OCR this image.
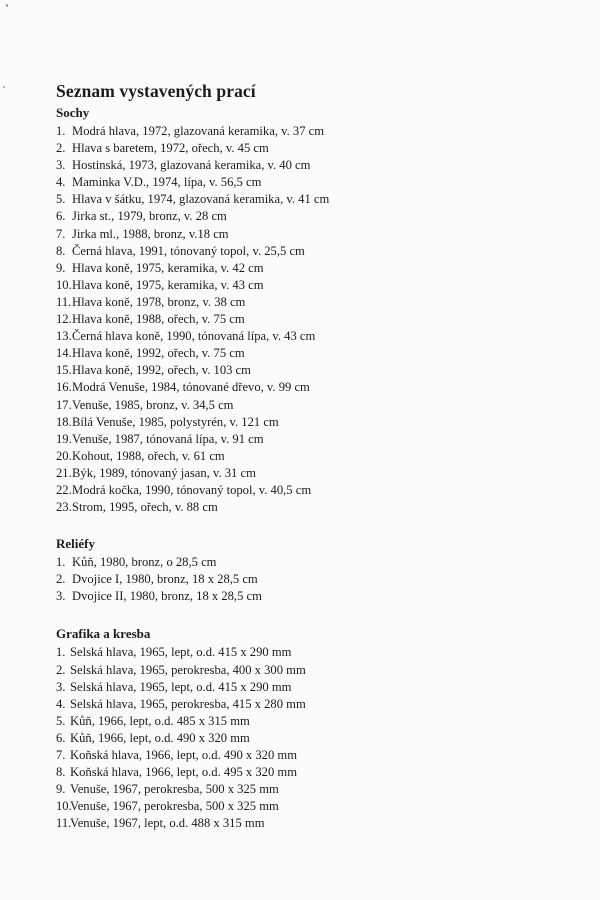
Seznam vystavených prací
Sochy
1. Modrá hlava, 1972, glazovaná keramika, v. 37 cm
2. Hlava s baretem, 1972, ořech, v. 45 cm
3. Hostinská, 1973, glazovaná keramika, v. 40 cm
4. Maminka V.D., 1974, lípa, v. 56,5 cm
5. Hlava v šátku, 1974, glazovaná keramika, v. 41 cm
6. Jirka st., 1979, bronz, v. 28 cm
7. Jirka ml., 1988, bronz, v.18 cm
8. Černá hlava, 1991, tónovaný topol, v. 25,5 cm
9. Hlava koně, 1975, keramika, v. 42 cm
10. Hlava koně, 1975, keramika, v. 43 cm
11. Hlava koně, 1978, bronz, v. 38 cm
12. Hlava koně, 1988, ořech, v. 75 cm
13. Černá hlava koně, 1990, tónovaná lípa, v. 43 cm
14. Hlava koně, 1992, ořech, v. 75 cm
15. Hlava koně, 1992, ořech, v. 103 cm
16. Modrá Venuše, 1984, tónované dřevo, v. 99 cm
17. Venuše, 1985, bronz, v. 34,5 cm
18. Bílá Venuše, 1985, polystyrén, v. 121 cm
19. Venuše, 1987, tónovaná lípa, v. 91 cm
20. Kohout, 1988, ořech, v. 61 cm
21. Býk, 1989, tónovaný jasan, v. 31 cm
22. Modrá kočka, 1990, tónovaný topol, v. 40,5 cm
23. Strom, 1995, ořech, v. 88 cm
Reliéfy
1. Kůň, 1980, bronz, o 28,5 cm
2. Dvojice I, 1980, bronz, 18 x 28,5 cm
3. Dvojice II, 1980, bronz, 18 x 28,5 cm
Grafika a kresba
1. Selská hlava, 1965, lept, o.d. 415 x 290 mm
2. Selská hlava, 1965, perokresba, 400 x 300 mm
3. Selská hlava, 1965, lept, o.d. 415 x 290 mm
4. Selská hlava, 1965, perokresba, 415 x 280 mm
5. Kůň, 1966, lept, o.d. 485 x 315 mm
6. Kůň, 1966, lept, o.d. 490 x 320 mm
7. Koňská hlava, 1966, lept, o.d. 490 x 320 mm
8. Koňská hlava, 1966, lept, o.d. 495 x 320 mm
9. Venuše, 1967, perokresba, 500 x 325 mm
10.
Venuše, 1967, perokresba, 500 x 325 mm
11.
Venuše, 1967, lept, o.d. 488 x 315 mm
